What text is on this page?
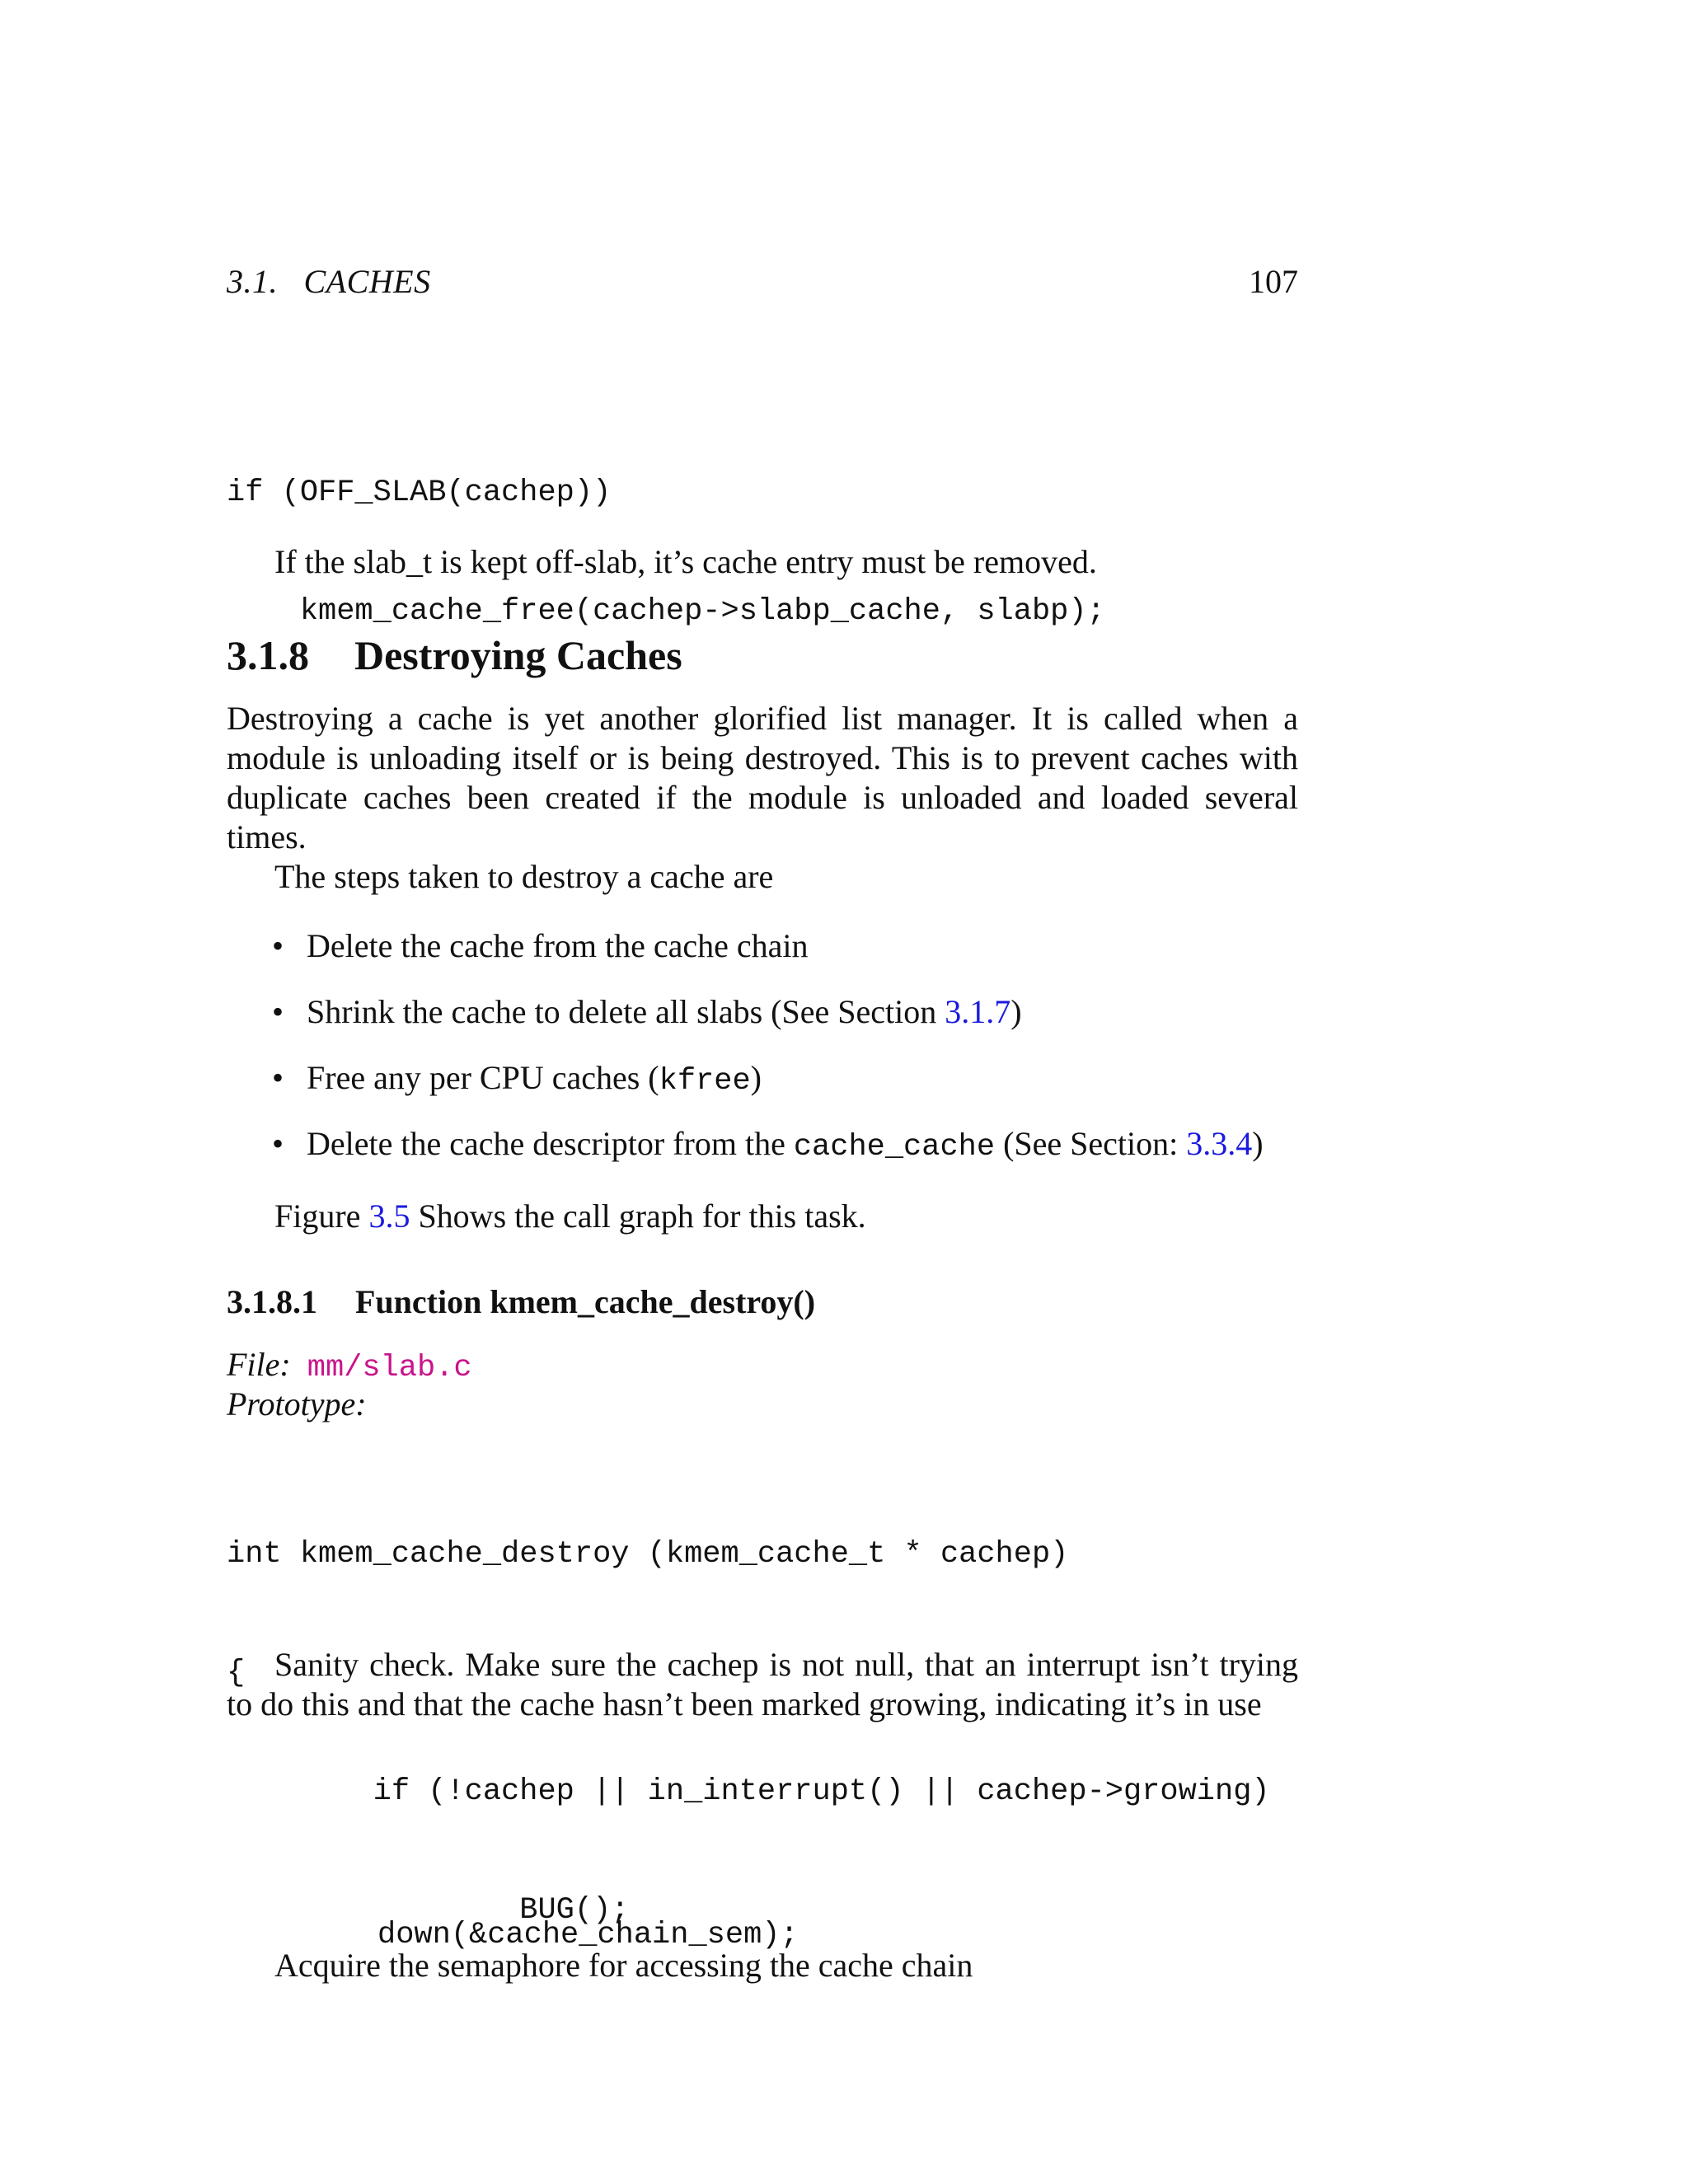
3.1.   CACHES	107

if (OFF_SLAB(cachep))

kmem_cache_free(cachep->slabp_cache, slabp);

If the slab_t is kept off-slab, it’s cache entry must be removed.
3.1.8 Destroying Caches
Destroying a cache is yet another glorified list manager. It is called when a module is unloading itself or is being destroyed. This is to prevent caches with duplicate caches been created if the module is unloaded and loaded several times.
The steps taken to destroy a cache are
• Delete the cache from the cache chain
• Shrink the cache to delete all slabs (See Section 3.1.7)
• Free any per CPU caches (kfree)
• Delete the cache descriptor from the cache_cache (See Section: 3.3.4)
Figure 3.5 Shows the call graph for this task.
3.1.8.1 Function kmem_cache_destroy()
File: mm/slab.c
Prototype:

int kmem_cache_destroy (kmem_cache_t * cachep)

{

if (!cachep || in_interrupt() || cachep->growing)

BUG();

Sanity check. Make sure the cachep is not null, that an interrupt isn’t trying to do this and that the cache hasn’t been marked growing, indicating it’s in use

down(&cache_chain_sem);

Acquire the semaphore for accessing the cache chain
